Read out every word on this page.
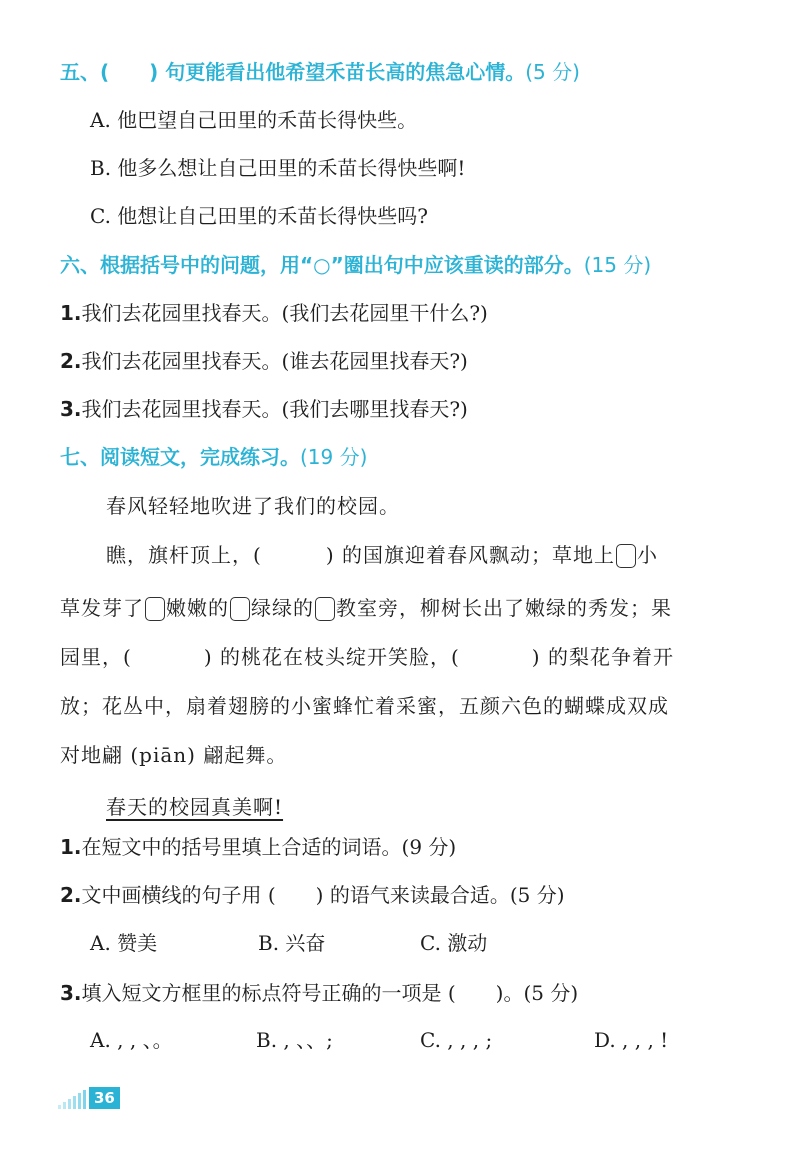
五、(　　) 句更能看出他希望禾苗长高的焦急心情。(5 分)
A. 他巴望自己田里的禾苗长得快些。
B. 他多么想让自己田里的禾苗长得快些啊!
C. 他想让自己田里的禾苗长得快些吗?
六、根据括号中的问题，用“○”圈出句中应该重读的部分。(15 分)
1.我们去花园里找春天。(我们去花园里干什么?)
2.我们去花园里找春天。(谁去花园里找春天?)
3.我们去花园里找春天。(我们去哪里找春天?)
七、阅读短文，完成练习。(19 分)
春风轻轻地吹进了我们的校园。
瞧，旗杆顶上，(	) 的国旗迎着春风飘动；草地上 小
草发芽了 嫩嫩的 绿绿的 教室旁，柳树长出了嫩绿的秀发；果
园里，(	) 的桃花在枝头绽开笑脸，(	) 的梨花争着开
放；花丛中，扇着翅膀的小蜜蜂忙着采蜜，五颜六色的蝴蝶成双成
对地翩 (piān) 翩起舞。
春天的校园真美啊!
1.在短文中的括号里填上合适的词语。(9 分)
2.文中画横线的句子用 (　　) 的语气来读最合适。(5 分)
A. 赞美	B. 兴奋	C. 激动
3.填入短文方框里的标点符号正确的一项是 (　　)。(5 分)
A. , , 、。	B. , 、、;	C. , , , ;	D. , , , !
36
